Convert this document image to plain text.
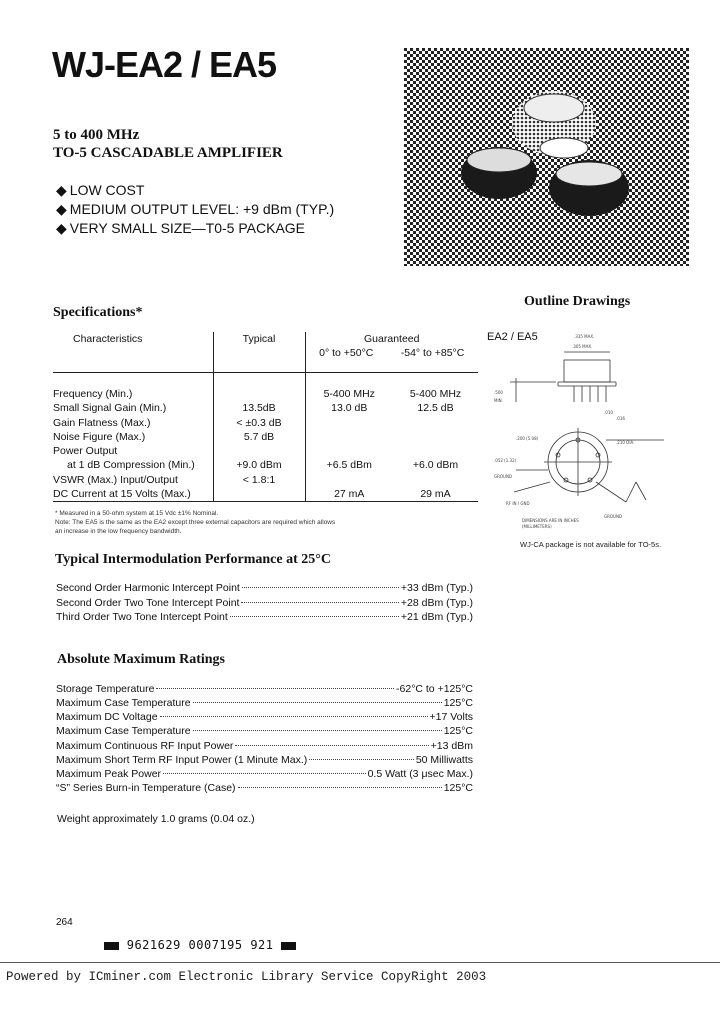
WJ-EA2 / EA5
5 to 400 MHz
TO-5 CASCADABLE AMPLIFIER
◆ LOW COST
◆ MEDIUM OUTPUT LEVEL: +9 dBm (TYP.)
◆ VERY SMALL SIZE—T0-5 PACKAGE
Specifications*
Characteristics	Typical	Guaranteed
0° to +50°C -54° to +85°C	

Frequency (Min.)		5-400 MHz	5-400 MHz
Small Signal Gain (Min.)	13.5dB	13.0 dB	12.5 dB
Gain Flatness (Max.)	< ±0.3 dB		
Noise Figure (Max.)	5.7 dB		
Power Output			
at 1 dB Compression (Min.)	+9.0 dBm	+6.5 dBm	+6.0 dBm
VSWR (Max.) Input/Output	< 1.8:1		
DC Current at 15 Volts (Max.)		27 mA	29 mA
* Measured in a 50-ohm system at 15 Vdc ±1% Nominal.
Note: The EA5 is the same as the EA2 except three external capacitors are required which allows
an increase in the low frequency bandwidth.
Typical Intermodulation Performance at 25°C
Second Order Harmonic Intercept Point	+33 dBm (Typ.)
Second Order Two Tone Intercept Point	+28 dBm (Typ.)
Third Order Two Tone Intercept Point	+21 dBm (Typ.)
Absolute Maximum Ratings
Storage Temperature	-62°C to +125°C
Maximum Case Temperature	125°C
Maximum DC Voltage	+17 Volts
Maximum Case Temperature	125°C
Maximum Continuous RF Input Power	+13 dBm
Maximum Short Term RF Input Power (1 Minute Max.)	50 Milliwatts
Maximum Peak Power	0.5 Watt (3 μsec Max.)
“S” Series Burn-in Temperature (Case)	125°C
Weight approximately 1.0 grams (0.04 oz.)
Outline Drawings
EA2 / EA5	.335 MAX.
.305 MAX.
.500
MIN.
.010
.016
.200 (5.08)
.210 OIA.
.052 (1.32)
GROUND
RF IN / GND
GROUND
DIMENSIONS ARE IN INCHES
(MILLIMETERS)
WJ-CA package is not available for TO-5s.
264
9621629 0007195 921
Powered by ICminer.com Electronic Library Service CopyRight 2003
